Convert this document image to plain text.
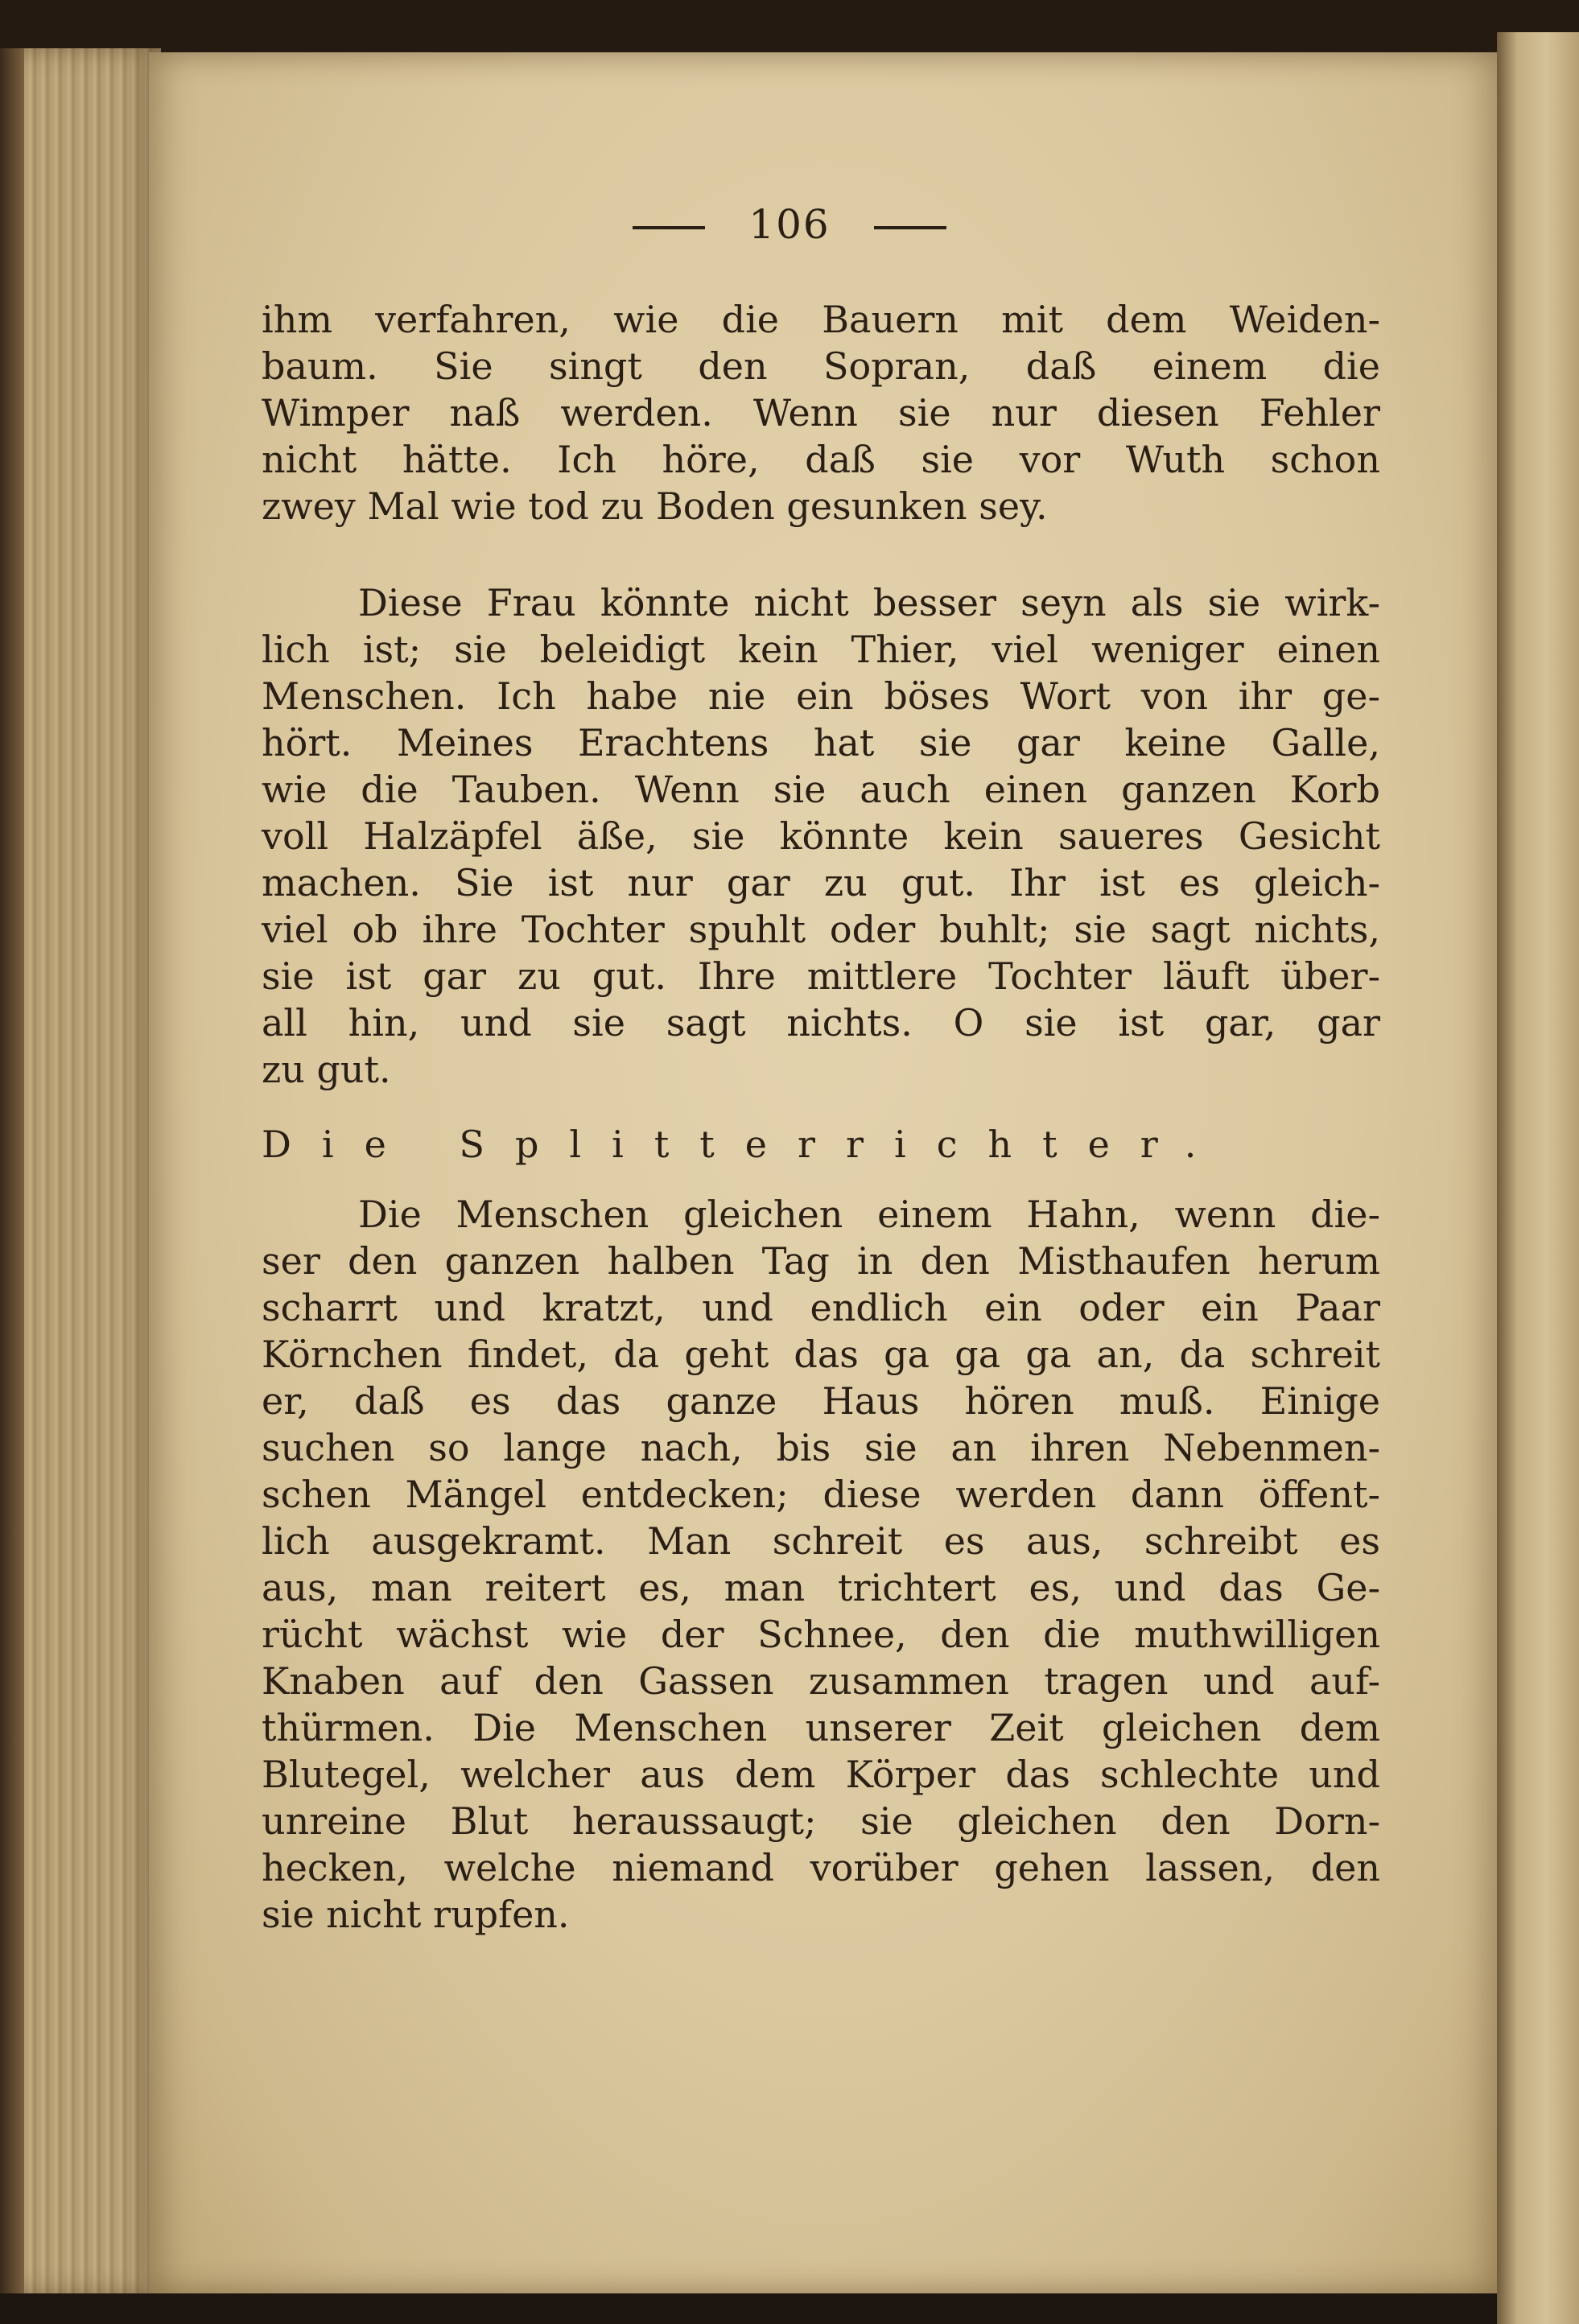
106
ihm verfahren, wie die Bauern mit dem Weiden-
baum. Sie singt den Sopran, daß einem die
Wimper naß werden. Wenn sie nur diesen Fehler
nicht hätte. Ich höre, daß sie vor Wuth schon
zwey Mal wie tod zu Boden gesunken sey.
Diese Frau könnte nicht besser seyn als sie wirk-
lich ist; sie beleidigt kein Thier, viel weniger einen
Menschen. Ich habe nie ein böses Wort von ihr ge-
hört. Meines Erachtens hat sie gar keine Galle,
wie die Tauben. Wenn sie auch einen ganzen Korb
voll Halzäpfel äße, sie könnte kein saueres Gesicht
machen. Sie ist nur gar zu gut. Ihr ist es gleich-
viel ob ihre Tochter spuhlt oder buhlt; sie sagt nichts,
sie ist gar zu gut. Ihre mittlere Tochter läuft über-
all hin, und sie sagt nichts. O sie ist gar, gar
zu gut.
Die Splitterrichter.
Die Menschen gleichen einem Hahn, wenn die-
ser den ganzen halben Tag in den Misthaufen herum
scharrt und kratzt, und endlich ein oder ein Paar
Körnchen findet, da geht das ga ga ga an, da schreit
er, daß es das ganze Haus hören muß. Einige
suchen so lange nach, bis sie an ihren Nebenmen-
schen Mängel entdecken; diese werden dann öffent-
lich ausgekramt. Man schreit es aus, schreibt es
aus, man reitert es, man trichtert es, und das Ge-
rücht wächst wie der Schnee, den die muthwilligen
Knaben auf den Gassen zusammen tragen und auf-
thürmen. Die Menschen unserer Zeit gleichen dem
Blutegel, welcher aus dem Körper das schlechte und
unreine Blut heraussaugt; sie gleichen den Dorn-
hecken, welche niemand vorüber gehen lassen, den
sie nicht rupfen.
